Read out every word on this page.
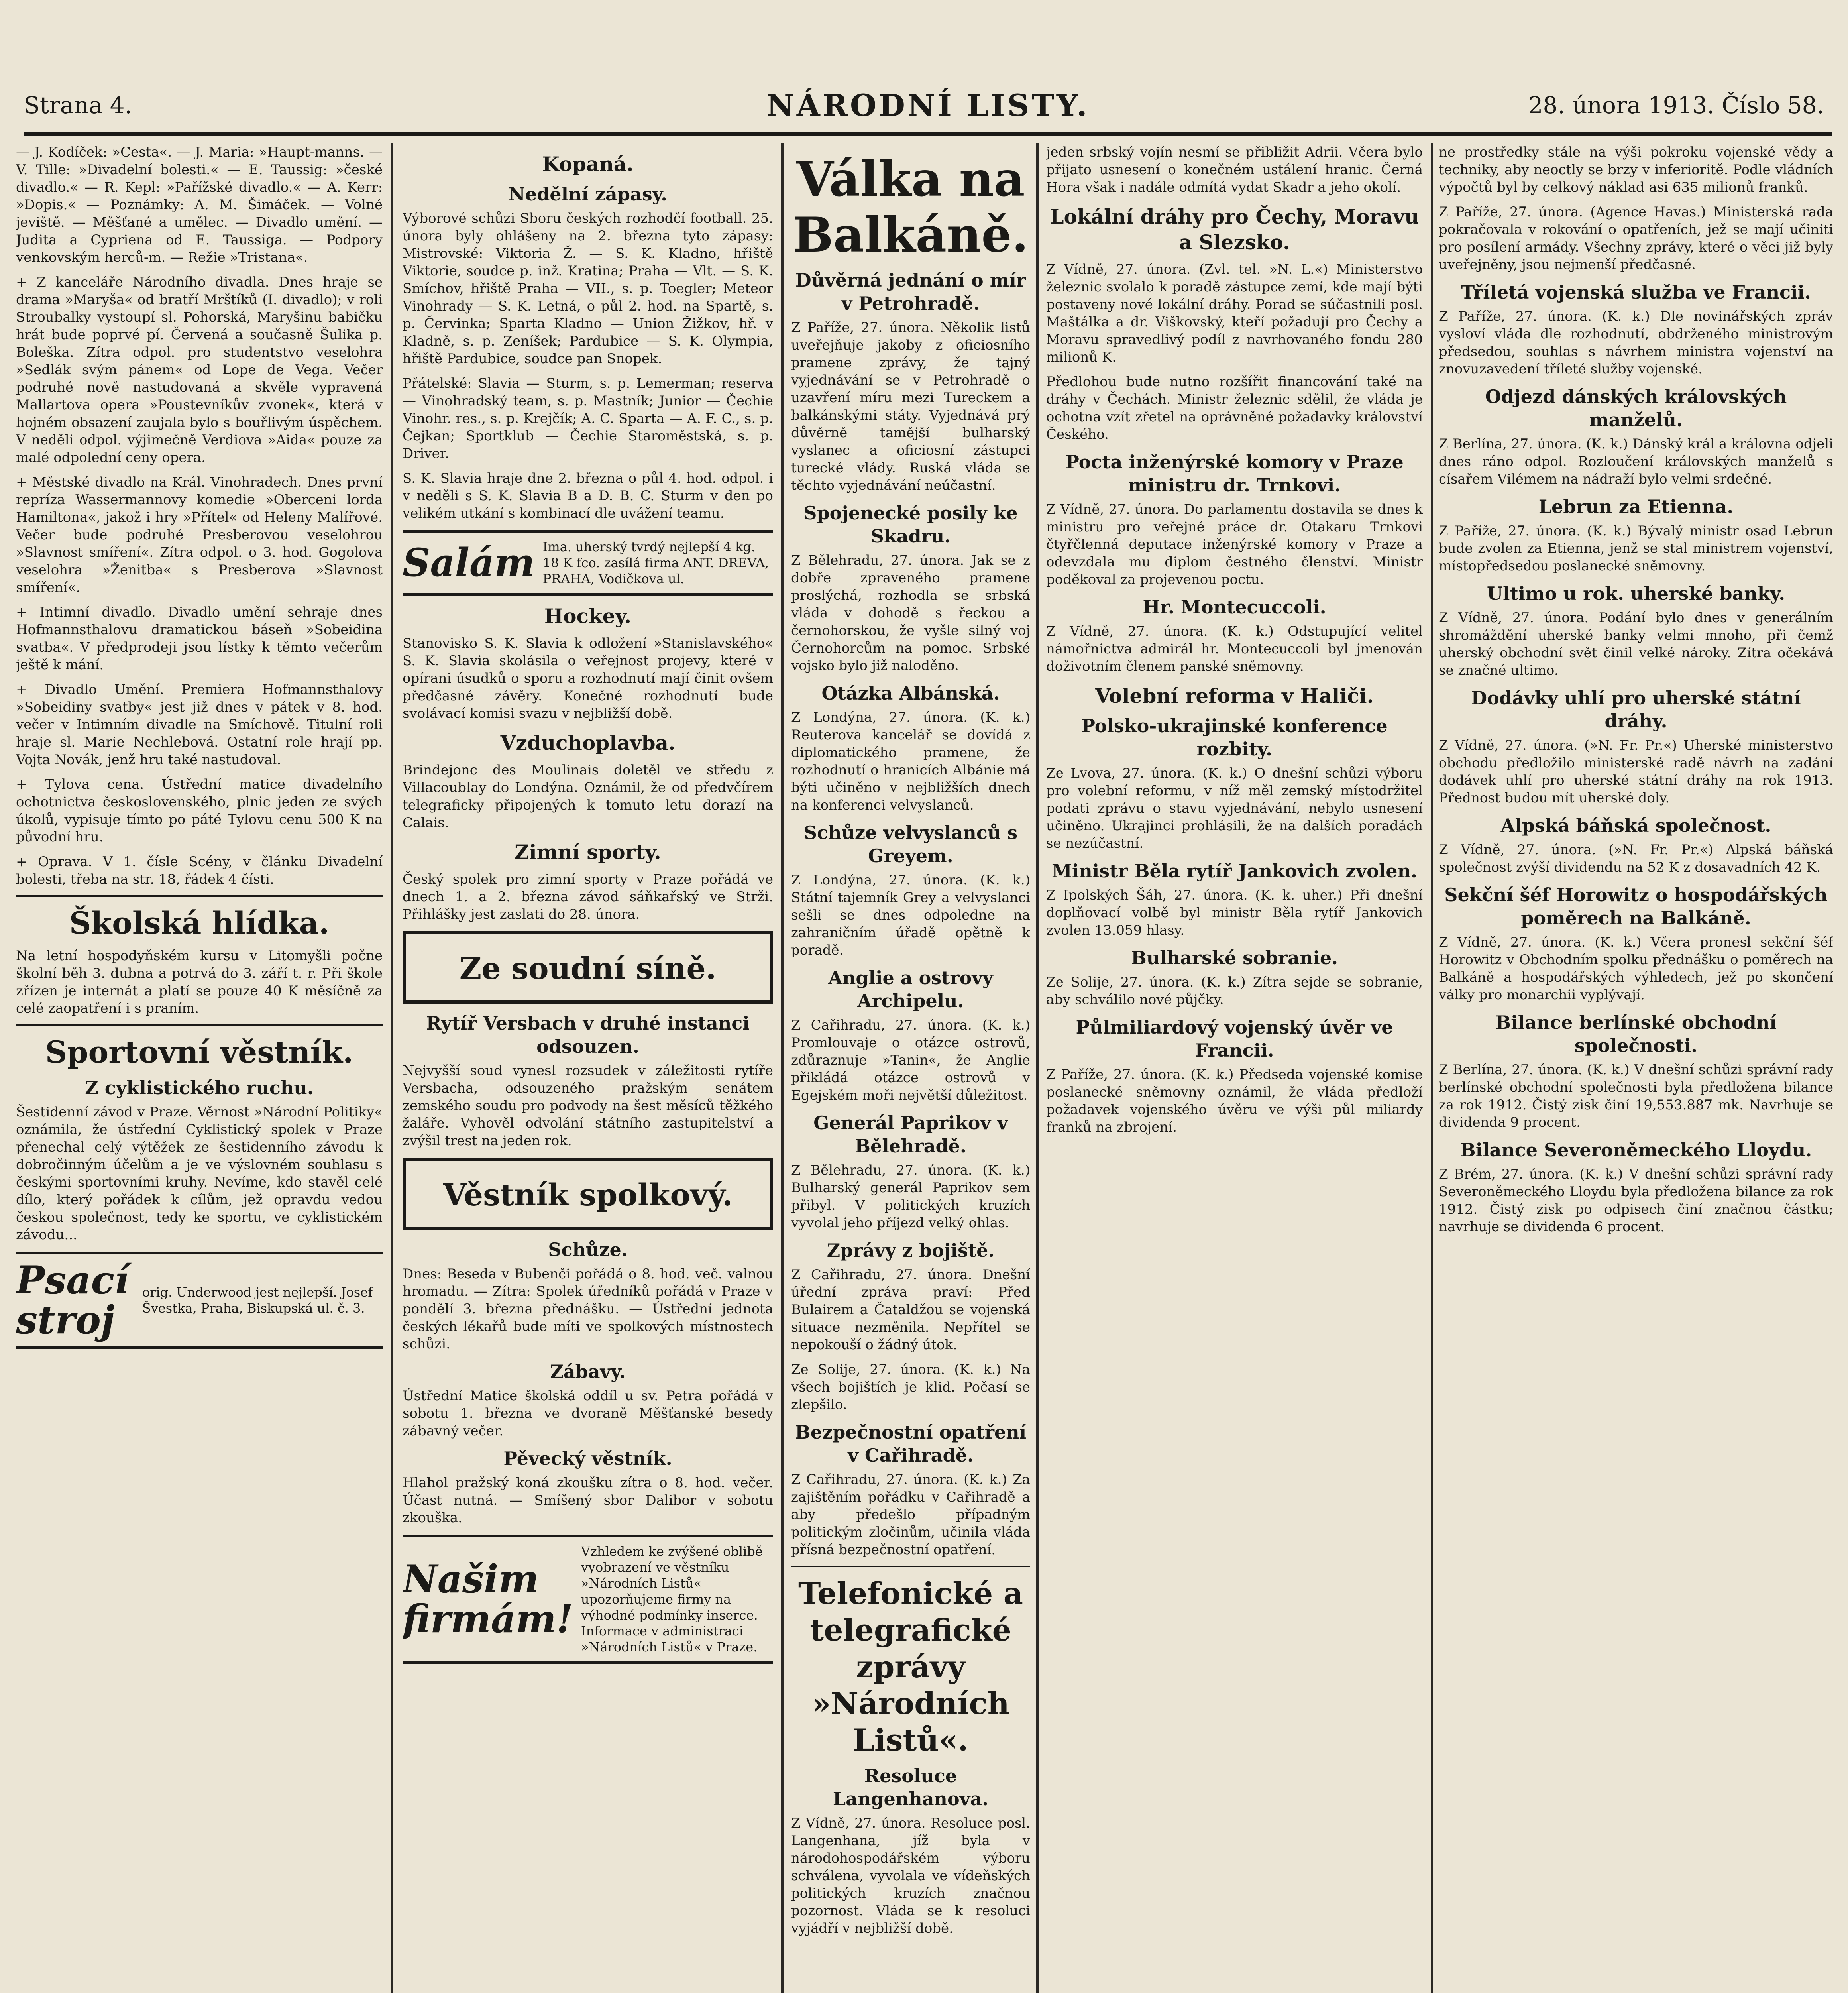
Strana 4.	NÁRODNÍ LISTY.	28. února 1913. Číslo 58.

— J. Kodíček: »Cesta«. — J. Maria: »Haupt-manns. — V. Tille: »Divadelní bolesti.« — E. Taussig: »české divadlo.« — R. Kepl: »Pařížské divadlo.« — A. Kerr: »Dopis.« — Poznámky: A. M. Šimáček. — Volné jeviště. — Měšťané a umělec. — Divadlo umění. — Judita a Cypriena od E. Taussiga. — Podpory venkovským herců-m. — Režie »Tristana«.

+ Z kanceláře Národního divadla. Dnes hraje se drama »Maryša« od bratří Mrštíků (I. divadlo); v roli Stroubalky vystoupí sl. Pohorská, Maryšinu babičku hrát bude poprvé pí. Červená a současně Šulika p. Boleška. Zítra odpol. pro studentstvo veselohra »Sedlák svým pánem« od Lope de Vega. Večer podruhé nově nastudovaná a skvěle vypravená Mallartova opera »Poustevníkův zvonek«, která v hojném obsazení zaujala bylo s bouřlivým úspěchem. V neděli odpol. výjimečně Verdiova »Aida« pouze za malé odpolední ceny opera.

+ Městské divadlo na Král. Vinohradech. Dnes první repríza Wassermannovy komedie »Oberceni lorda Hamiltona«, jakož i hry »Přítel« od Heleny Malířové. Večer bude podruhé Presberovou veselohrou »Slavnost smíření«. Zítra odpol. o 3. hod. Gogolova veselohra »Ženitba« s Presberova »Slavnost smíření«.

+ Intimní divadlo. Divadlo umění sehraje dnes Hofmannsthalovu dramatickou báseň »Sobeidina svatba«. V předprodeji jsou lístky k těmto večerům ještě k mání.

+ Divadlo Umění. Premiera Hofmannsthalovy »Sobeidiny svatby« jest již dnes v pátek v 8. hod. večer v Intimním divadle na Smíchově. Titulní roli hraje sl. Marie Nechlebová. Ostatní role hrají pp. Vojta Novák, jenž hru také nastudoval.

+ Tylova cena. Ústřední matice divadelního ochotnictva československého, plnic jeden ze svých úkolů, vypisuje tímto po páté Tylovu cenu 500 K na původní hru.

+ Oprava. V 1. čísle Scény, v článku Divadelní bolesti, třeba na str. 18, řádek 4 čísti.

Školská hlídka.

Na letní hospodyňském kursu v Litomyšli počne školní běh 3. dubna a potrvá do 3. září t. r. Při škole zřízen je internát a platí se pouze 40 K měsíčně za celé zaopatření i s praním.

Sportovní věstník.
Z cyklistického ruchu.

Šestidenní závod v Praze. Věrnost »Národní Politiky« oznámila, že ústřední Cyklistický spolek v Praze přenechal celý výtěžek ze šestidenního závodu k dobročinným účelům a je ve výslovném souhlasu s českými sportovními kruhy. Nevíme, kdo stavěl celé dílo, který pořádek k cílům, jež opravdu vedou českou společnost, tedy ke sportu, ve cyklistickém závodu...

Psací stroj
orig. Underwood jest nejlepší. Josef Švestka, Praha, Biskupská ul. č. 3.
Kopaná.
Nedělní zápasy.

Výborové schůzi Sboru českých rozhodčí football. 25. února byly ohlášeny na 2. března tyto zápasy: Mistrovské: Viktoria Ž. — S. K. Kladno, hřiště Viktorie, soudce p. inž. Kratina; Praha — Vlt. — S. K. Smíchov, hřiště Praha — VII., s. p. Toegler; Meteor Vinohrady — S. K. Letná, o půl 2. hod. na Spartě, s. p. Červinka; Sparta Kladno — Union Žižkov, hř. v Kladně, s. p. Zeníšek; Pardubice — S. K. Olympia, hřiště Pardubice, soudce pan Snopek.

Přátelské: Slavia — Sturm, s. p. Lemerman; reserva — Vinohradský team, s. p. Mastník; Junior — Čechie Vinohr. res., s. p. Krejčík; A. C. Sparta — A. F. C., s. p. Čejkan; Sportklub — Čechie Staroměstská, s. p. Driver.

S. K. Slavia hraje dne 2. března o půl 4. hod. odpol. i v neděli s S. K. Slavia B a D. B. C. Sturm v den po velikém utkání s kombinací dle uvážení teamu.

Salám Ima. uherský tvrdý nejlepší 4 kg. 18 K fco. zasílá firma ANT. DREVA, PRAHA, Vodičkova ul.
Hockey.

Stanovisko S. K. Slavia k odložení »Stanislavského« S. K. Slavia skolásila o veřejnost projevy, které v opírani úsudků o sporu a rozhodnutí mají činit ovšem předčasné závěry. Konečné rozhodnutí bude svolávací komisi svazu v nejbližší době.

Vzduchoplavba.

Brindejonc des Moulinais doletěl ve středu z Villacoublay do Londýna. Oznámil, že od předvčírem telegraficky připojených k tomuto letu dorazí na Calais.

Zimní sporty.

Český spolek pro zimní sporty v Praze pořádá ve dnech 1. a 2. března závod sáňkařský ve Strži. Přihlášky jest zaslati do 28. února.

Ze soudní síně.
Rytíř Versbach v druhé instanci odsouzen.

Nejvyšší soud vynesl rozsudek v záležitosti rytíře Versbacha, odsouzeného pražským senátem zemského soudu pro podvody na šest měsíců těžkého žaláře. Vyhověl odvolání státního zastupitelství a zvýšil trest na jeden rok.

Věstník spolkový.
Schůze.

Dnes: Beseda v Bubenči pořádá o 8. hod. več. valnou hromadu. — Zítra: Spolek úředníků pořádá v Praze v pondělí 3. března přednášku. — Ústřední jednota českých lékařů bude míti ve spolkových místnostech schůzi.

Zábavy.

Ústřední Matice školská oddíl u sv. Petra pořádá v sobotu 1. března ve dvoraně Měšťanské besedy zábavný večer.

Pěvecký věstník.

Hlahol pražský koná zkoušku zítra o 8. hod. večer. Účast nutná. — Smíšený sbor Dalibor v sobotu zkouška.

Našim firmám!
Vzhledem ke zvýšené oblibě vyobrazení ve věstníku »Národních Listů« upozorňujeme firmy na výhodné podmínky inserce. Informace v administraci »Národních Listů« v Praze.
Válka na Balkáně.
Důvěrná jednání o mír v Petrohradě.

Z Paříže, 27. února. Několik listů uveřejňuje jakoby z oficiosního pramene zprávy, že tajný vyjednávání se v Petrohradě o uzavření míru mezi Tureckem a balkánskými státy. Vyjednává prý důvěrně tamější bulharský vyslanec a oficiosní zástupci turecké vlády. Ruská vláda se těchto vyjednávání neúčastní.

Spojenecké posily ke Skadru.

Z Bělehradu, 27. února. Jak se z dobře zpraveného pramene proslýchá, rozhodla se srbská vláda v dohodě s řeckou a černohorskou, že vyšle silný voj Černohorcům na pomoc. Srbské vojsko bylo již naloděno.

Otázka Albánská.

Z Londýna, 27. února. (K. k.) Reuterova kancelář se dovídá z diplomatického pramene, že rozhodnutí o hranicích Albánie má býti učiněno v nejbližších dnech na konferenci velvyslanců.

Schůze velvyslanců s Greyem.

Z Londýna, 27. února. (K. k.) Státní tajemník Grey a velvyslanci sešli se dnes odpoledne na zahraničním úřadě opětně k poradě.

Anglie a ostrovy Archipelu.

Z Cařihradu, 27. února. (K. k.) Promlouvaje o otázce ostrovů, zdůraznuje »Tanin«, že Anglie přikládá otázce ostrovů v Egejském moři největší důležitost.

Generál Paprikov v Bělehradě.

Z Bělehradu, 27. února. (K. k.) Bulharský generál Paprikov sem přibyl. V politických kruzích vyvolal jeho příjezd velký ohlas.

Zprávy z bojiště.

Z Cařihradu, 27. února. Dnešní úřední zpráva praví: Před Bulairem a Čataldžou se vojenská situace nezměnila. Nepřítel se nepokouší o žádný útok.

Ze Solije, 27. února. (K. k.) Na všech bojištích je klid. Počasí se zlepšilo.

Bezpečnostní opatření v Cařihradě.

Z Cařihradu, 27. února. (K. k.) Za zajištěním pořádku v Cařihradě a aby předešlo případným politickým zločinům, učinila vláda přísná bezpečnostní opatření.

Telefonické a telegrafické zprávy »Národních Listů«.
Resoluce Langenhanova.

Z Vídně, 27. února. Resoluce posl. Langenhana, jíž byla v národohospodářském výboru schválena, vyvolala ve vídeňských politických kruzích značnou pozornost. Vláda se k resoluci vyjádří v nejbližší době.

jeden srbský vojín nesmí se přibližit Adrii. Včera bylo přijato usnesení o konečném ustálení hranic. Černá Hora však i nadále odmítá vydat Skadr a jeho okolí.

Lokální dráhy pro Čechy, Moravu a Slezsko.

Z Vídně, 27. února. (Zvl. tel. »N. L.«) Ministerstvo železnic svolalo k poradě zástupce zemí, kde mají býti postaveny nové lokální dráhy. Porad se súčastnili posl. Maštálka a dr. Viškovský, kteří požadují pro Čechy a Moravu spravedlivý podíl z navrhovaného fondu 280 milionů K.

Předlohou bude nutno rozšířit financování také na dráhy v Čechách. Ministr železnic sdělil, že vláda je ochotna vzít zřetel na oprávněné požadavky království Českého.

Pocta inženýrské komory v Praze ministru dr. Trnkovi.

Z Vídně, 27. února. Do parlamentu dostavila se dnes k ministru pro veřejné práce dr. Otakaru Trnkovi čtyřčlenná deputace inženýrské komory v Praze a odevzdala mu diplom čestného členství. Ministr poděkoval za projevenou poctu.

Hr. Montecuccoli.

Z Vídně, 27. února. (K. k.) Odstupující velitel námořnictva admirál hr. Montecuccoli byl jmenován doživotním členem panské sněmovny.

Volební reforma v Haliči.
Polsko-ukrajinské konference rozbity.

Ze Lvova, 27. února. (K. k.) O dnešní schůzi výboru pro volební reformu, v níž měl zemský místodržitel podati zprávu o stavu vyjednávání, nebylo usnesení učiněno. Ukrajinci prohlásili, že na dalších poradách se nezúčastní.

Ministr Běla rytíř Jankovich zvolen.

Z Ipolských Šáh, 27. února. (K. k. uher.) Při dnešní doplňovací volbě byl ministr Běla rytíř Jankovich zvolen 13.059 hlasy.

Bulharské sobranie.

Ze Solije, 27. února. (K. k.) Zítra sejde se sobranie, aby schválilo nové půjčky.

Půlmiliardový vojenský úvěr ve Francii.

Z Paříže, 27. února. (K. k.) Předseda vojenské komise poslanecké sněmovny oznámil, že vláda předloží požadavek vojenského úvěru ve výši půl miliardy franků na zbrojení.

ne prostředky stále na výši pokroku vojenské vědy a techniky, aby neoctly se brzy v inferioritě. Podle vládních výpočtů byl by celkový náklad asi 635 milionů franků.

Z Paříže, 27. února. (Agence Havas.) Ministerská rada pokračovala v rokování o opatřeních, jež se mají učiniti pro posílení armády. Všechny zprávy, které o věci již byly uveřejněny, jsou nejmenší předčasné.

Tříletá vojenská služba ve Francii.

Z Paříže, 27. února. (K. k.) Dle novinářských zpráv vysloví vláda dle rozhodnutí, obdrženého ministrovým předsedou, souhlas s návrhem ministra vojenství na znovuzavedení tříleté služby vojenské.

Odjezd dánských královských manželů.

Z Berlína, 27. února. (K. k.) Dánský král a královna odjeli dnes ráno odpol. Rozloučení královských manželů s císařem Vilémem na nádraží bylo velmi srdečné.

Lebrun za Etienna.

Z Paříže, 27. února. (K. k.) Bývalý ministr osad Lebrun bude zvolen za Etienna, jenž se stal ministrem vojenství, místopředsedou poslanecké sněmovny.

Ultimo u rok. uherské banky.

Z Vídně, 27. února. Podání bylo dnes v generálním shromáždění uherské banky velmi mnoho, při čemž uherský obchodní svět činil velké nároky. Zítra očekává se značné ultimo.

Dodávky uhlí pro uherské státní dráhy.

Z Vídně, 27. února. (»N. Fr. Pr.«) Uherské ministerstvo obchodu předložilo ministerské radě návrh na zadání dodávek uhlí pro uherské státní dráhy na rok 1913. Přednost budou mít uherské doly.

Alpská báňská společnost.

Z Vídně, 27. února. (»N. Fr. Pr.«) Alpská báňská společnost zvýší dividendu na 52 K z dosavadních 42 K.

Sekční šéf Horowitz o hospodářských poměrech na Balkáně.

Z Vídně, 27. února. (K. k.) Včera pronesl sekční šéf Horowitz v Obchodním spolku přednášku o poměrech na Balkáně a hospodářských výhledech, jež po skončení války pro monarchii vyplývají.

Bilance berlínské obchodní společnosti.

Z Berlína, 27. února. (K. k.) V dnešní schůzi správní rady berlínské obchodní společnosti byla předložena bilance za rok 1912. Čistý zisk činí 19,553.887 mk. Navrhuje se dividenda 9 procent.

Bilance Severoněmeckého Lloydu.

Z Brém, 27. února. (K. k.) V dnešní schůzi správní rady Severoněmeckého Lloydu byla předložena bilance za rok 1912. Čistý zisk po odpisech činí značnou částku; navrhuje se dividenda 6 procent.
